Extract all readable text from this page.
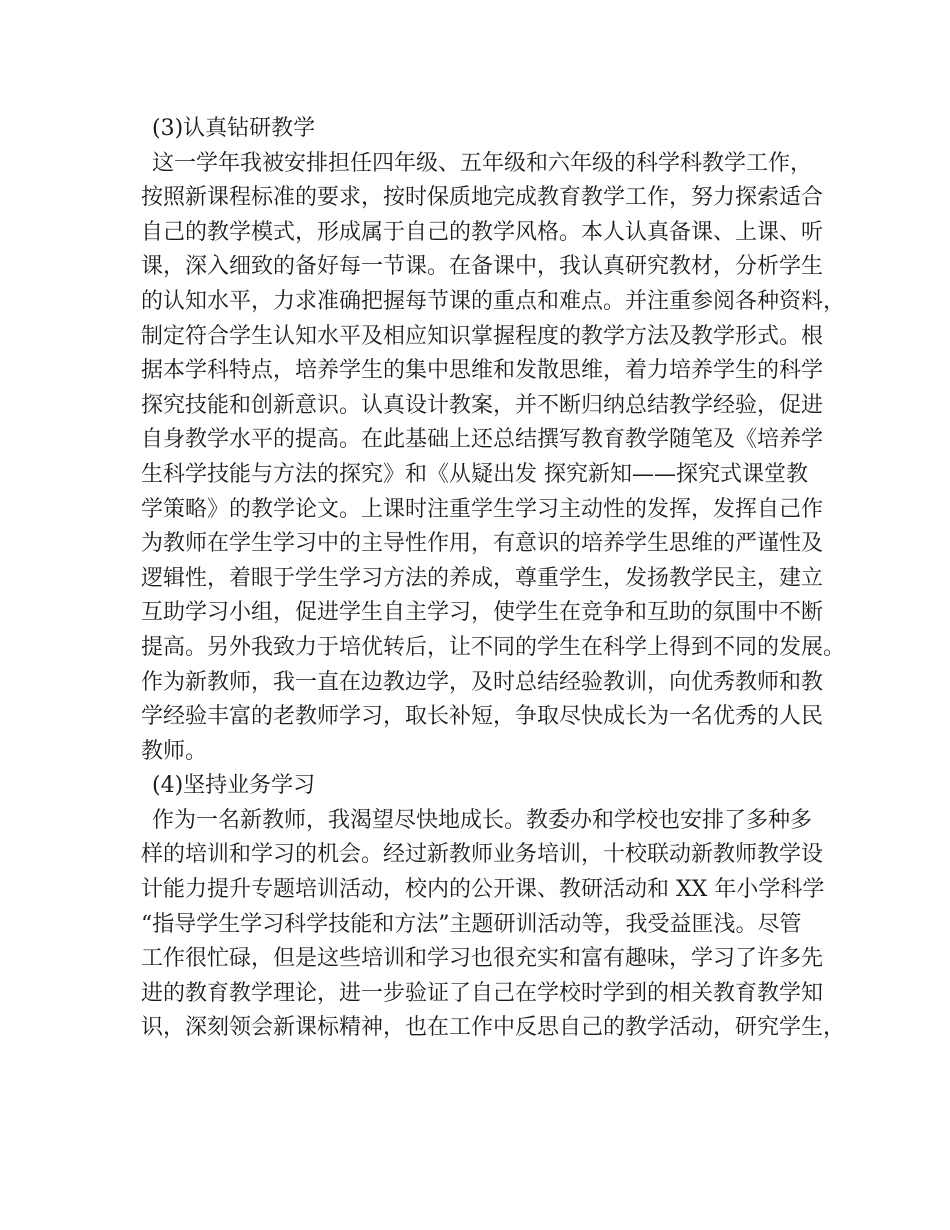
(3)认真钻研教学
这一学年我被安排担任四年级、五年级和六年级的科学科教学工作，
按照新课程标准的要求，按时保质地完成教育教学工作，努力探索适合
自己的教学模式，形成属于自己的教学风格。本人认真备课、上课、听
课，深入细致的备好每一节课。在备课中，我认真研究教材，分析学生
的认知水平，力求准确把握每节课的重点和难点。并注重参阅各种资料，
制定符合学生认知水平及相应知识掌握程度的教学方法及教学形式。根
据本学科特点，培养学生的集中思维和发散思维，着力培养学生的科学
探究技能和创新意识。认真设计教案，并不断归纳总结教学经验，促进
自身教学水平的提高。在此基础上还总结撰写教育教学随笔及《培养学
生科学技能与方法的探究》和《从疑出发 探究新知——探究式课堂教
学策略》的教学论文。上课时注重学生学习主动性的发挥，发挥自己作
为教师在学生学习中的主导性作用，有意识的培养学生思维的严谨性及
逻辑性，着眼于学生学习方法的养成，尊重学生，发扬教学民主，建立
互助学习小组，促进学生自主学习，使学生在竞争和互助的氛围中不断
提高。另外我致力于培优转后，让不同的学生在科学上得到不同的发展。
作为新教师，我一直在边教边学，及时总结经验教训，向优秀教师和教
学经验丰富的老教师学习，取长补短，争取尽快成长为一名优秀的人民
教师。
(4)坚持业务学习
作为一名新教师，我渴望尽快地成长。教委办和学校也安排了多种多
样的培训和学习的机会。经过新教师业务培训，十校联动新教师教学设
计能力提升专题培训活动，校内的公开课、教研活动和 XX 年小学科学
“指导学生学习科学技能和方法”主题研训活动等，我受益匪浅。尽管
工作很忙碌，但是这些培训和学习也很充实和富有趣味，学习了许多先
进的教育教学理论，进一步验证了自己在学校时学到的相关教育教学知
识，深刻领会新课标精神，也在工作中反思自己的教学活动，研究学生，
